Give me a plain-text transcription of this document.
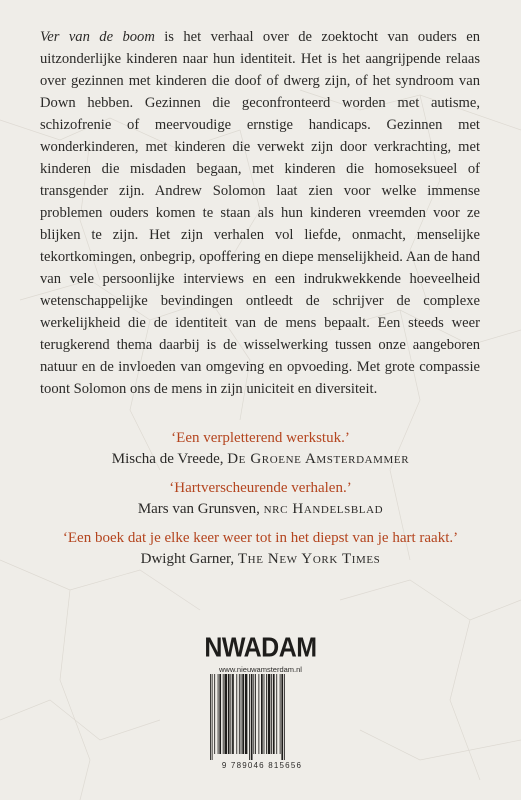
Ver van de boom is het verhaal over de zoektocht van ouders en uitzonderlijke kinderen naar hun identiteit. Het is het aangrijpende relaas over gezinnen met kinderen die doof of dwerg zijn, of het syndroom van Down hebben. Gezinnen die geconfronteerd worden met autisme, schizofrenie of meervoudige ernstige handicaps. Gezinnen met wonderkinderen, met kinderen die verwekt zijn door verkrachting, met kinderen die misdaden begaan, met kinderen die homoseksueel of transgender zijn. Andrew Solomon laat zien voor welke immense problemen ouders komen te staan als hun kinderen vreemden voor ze blijken te zijn. Het zijn verhalen vol liefde, onmacht, menselijke tekortkomingen, onbegrip, opoffering en diepe menselijkheid. Aan de hand van vele persoonlijke interviews en een indrukwekkende hoeveelheid wetenschappelijke bevindingen ontleedt de schrijver de complexe werkelijkheid die de identiteit van de mens bepaalt. Een steeds weer terugkerend thema daarbij is de wisselwerking tussen onze aangeboren natuur en de invloeden van omgeving en opvoeding. Met grote compassie toont Solomon ons de mens in zijn uniciteit en diversiteit.

‘Een verpletterend werkstuk.’
Mischa de Vreede, De Groene Amsterdammer
‘Hartverscheurende verhalen.’
Mars van Grunsven, nrc Handelsblad
‘Een boek dat je elke keer weer tot in het diepst van je hart raakt.’
Dwight Garner, The New York Times
NWADAM
www.nieuwamsterdam.nl
9 789046 815656
